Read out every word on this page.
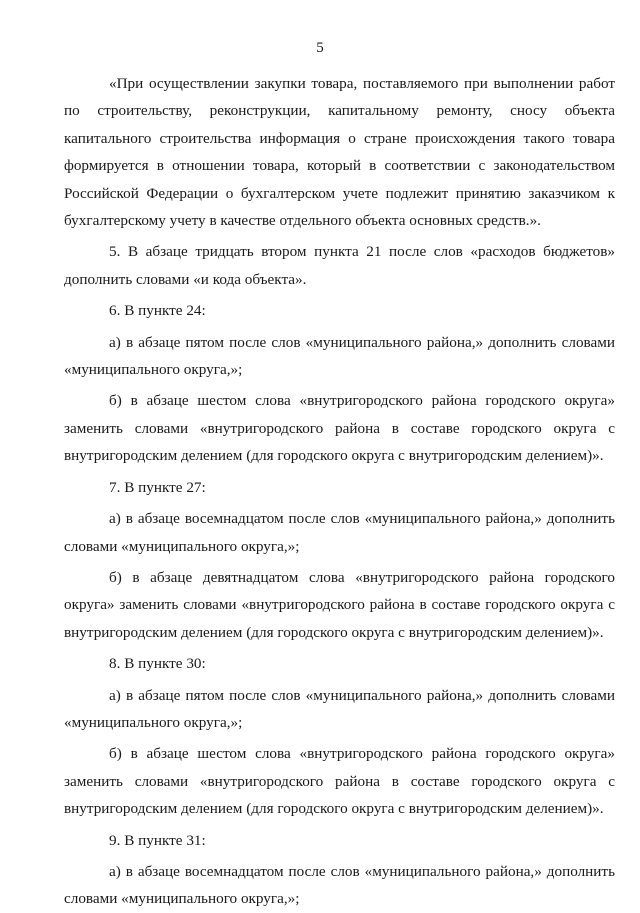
5

«При осуществлении закупки товара, поставляемого при выполнении работ по строительству, реконструкции, капитальному ремонту, сносу объекта капитального строительства информация о стране происхождения такого товара формируется в отношении товара, который в соответствии с законодательством Российской Федерации о бухгалтерском учете подлежит принятию заказчиком к бухгалтерскому учету в качестве отдельного объекта основных средств.».

5. В абзаце тридцать втором пункта 21 после слов «расходов бюджетов» дополнить словами «и кода объекта».

6. В пункте 24:

а) в абзаце пятом после слов «муниципального района,» дополнить словами «муниципального округа,»;

б) в абзаце шестом слова «внутригородского района городского округа» заменить словами «внутригородского района в составе городского округа с внутригородским делением (для городского округа с внутригородским делением)».

7. В пункте 27:

а) в абзаце восемнадцатом после слов «муниципального района,» дополнить словами «муниципального округа,»;

б) в абзаце девятнадцатом слова «внутригородского района городского округа» заменить словами «внутригородского района в составе городского округа с внутригородским делением (для городского округа с внутригородским делением)».

8. В пункте 30:

а) в абзаце пятом после слов «муниципального района,» дополнить словами «муниципального округа,»;

б) в абзаце шестом слова «внутригородского района городского округа» заменить словами «внутригородского района в составе городского округа с внутригородским делением (для городского округа с внутригородским делением)».

9. В пункте 31:

а) в абзаце восемнадцатом после слов «муниципального района,» дополнить словами «муниципального округа,»;
